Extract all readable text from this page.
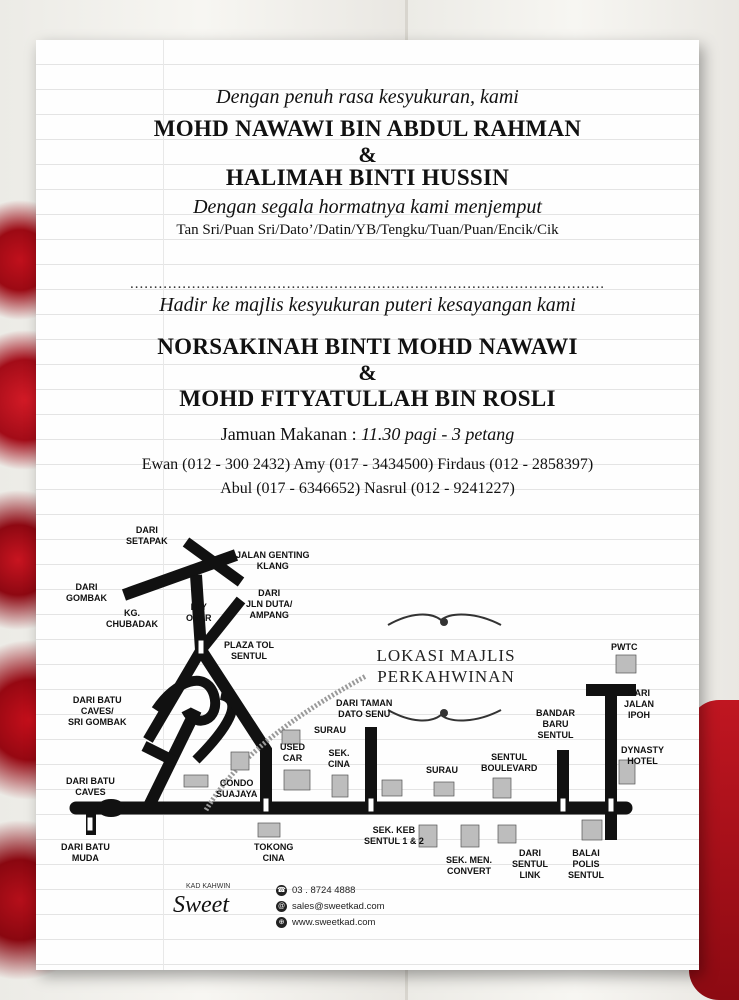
Dengan penuh rasa kesyukuran, kami
MOHD NAWAWI BIN ABDUL RAHMAN
&
HALIMAH BINTI HUSSIN
Dengan segala hormatnya kami menjemput
Tan Sri/Puan Sri/Dato’/Datin/YB/Tengku/Tuan/Puan/Encik/Cik
....................................................................................................
Hadir ke majlis kesyukuran puteri kesayangan kami
NORSAKINAH BINTI MOHD NAWAWI
&
MOHD FITYATULLAH BIN ROSLI
Jamuan Makanan : 11.30 pagi - 3 petang
Ewan (012 - 300 2432) Amy (017 - 3434500) Firdaus (012 - 2858397)
Abul (017 - 6346652) Nasrul (012 - 9241227)
LOKASI MAJLIS
PERKAHWINAN
DARI
SETAPAK
JALAN GENTING
KLANG
DARI
GOMBAK
KG.
CHUBADAK
FLY
OVER
DARI
JLN DUTA/
AMPANG
PLAZA TOL
SENTUL
DARI BATU
CAVES/
SRI GOMBAK
DARI BATU
CAVES
DARI BATU
MUDA
CONDO
SUAJAYA
USED
CAR
SURAU
DARI TAMAN
DATO SENU
SEK.
CINA
SURAU
TOKONG
CINA
SEK. KEB
SENTUL 1 & 2
SEK. MEN.
CONVERT
DARI
SENTUL
LINK
SENTUL
BOULEVARD
BANDAR
BARU
SENTUL
PWTC
DARI
JALAN
IPOH
DYNASTY
HOTEL
BALAI
POLIS
SENTUL
KAD KAHWIN
Sweet
☎ 03 . 8724 4888
@ sales@sweetkad.com
⊕ www.sweetkad.com
